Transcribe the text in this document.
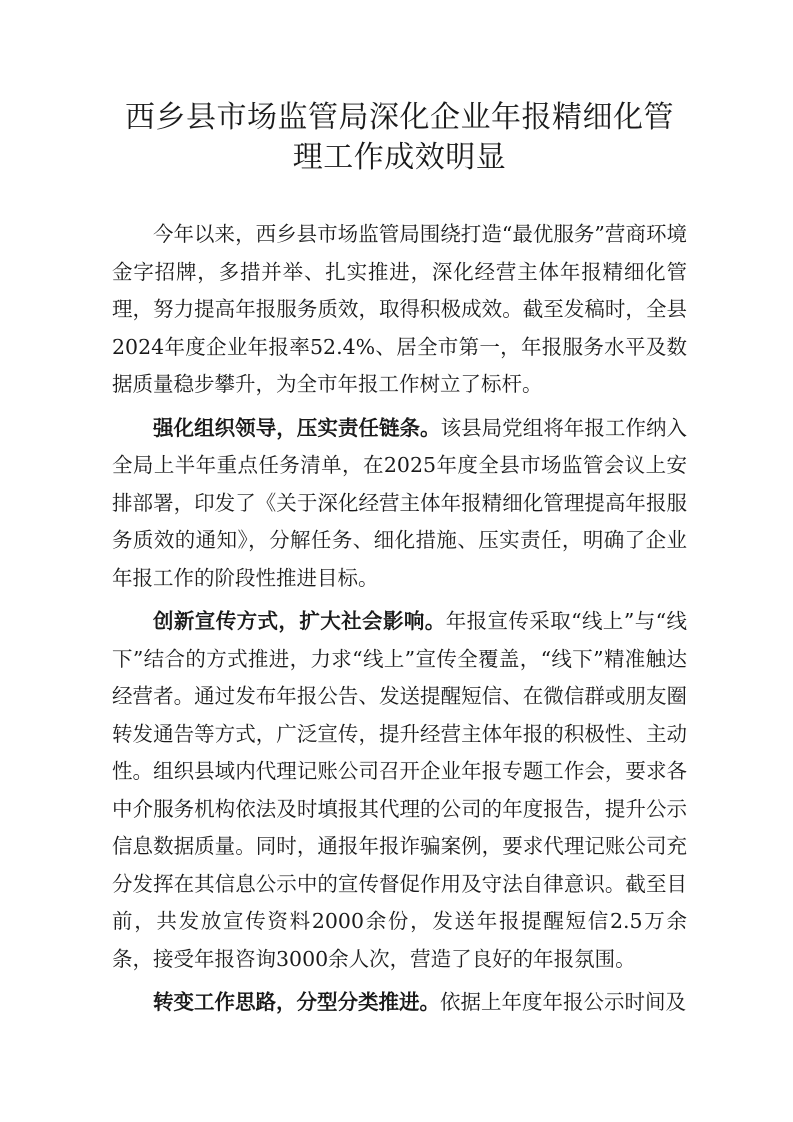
西乡县市场监管局深化企业年报精细化管理工作成效明显

今年以来，西乡县市场监管局围绕打造“最优服务”营商环境金字招牌，多措并举、扎实推进，深化经营主体年报精细化管理，努力提高年报服务质效，取得积极成效。截至发稿时，全县2024年度企业年报率52.4%、居全市第一，年报服务水平及数据质量稳步攀升，为全市年报工作树立了标杆。

强化组织领导，压实责任链条。该县局党组将年报工作纳入全局上半年重点任务清单，在2025年度全县市场监管会议上安排部署，印发了《关于深化经营主体年报精细化管理提高年报服务质效的通知》，分解任务、细化措施、压实责任，明确了企业年报工作的阶段性推进目标。

创新宣传方式，扩大社会影响。年报宣传采取“线上”与“线下”结合的方式推进，力求“线上”宣传全覆盖，“线下”精准触达经营者。通过发布年报公告、发送提醒短信、在微信群或朋友圈转发通告等方式，广泛宣传，提升经营主体年报的积极性、主动性。组织县域内代理记账公司召开企业年报专题工作会，要求各中介服务机构依法及时填报其代理的公司的年度报告，提升公示信息数据质量。同时，通报年报诈骗案例，要求代理记账公司充分发挥在其信息公示中的宣传督促作用及守法自律意识。截至目前，共发放宣传资料2000余份，发送年报提醒短信2.5万余条，接受年报咨询3000余人次，营造了良好的年报氛围。

转变工作思路，分型分类推进。依据上年度年报公示时间及
